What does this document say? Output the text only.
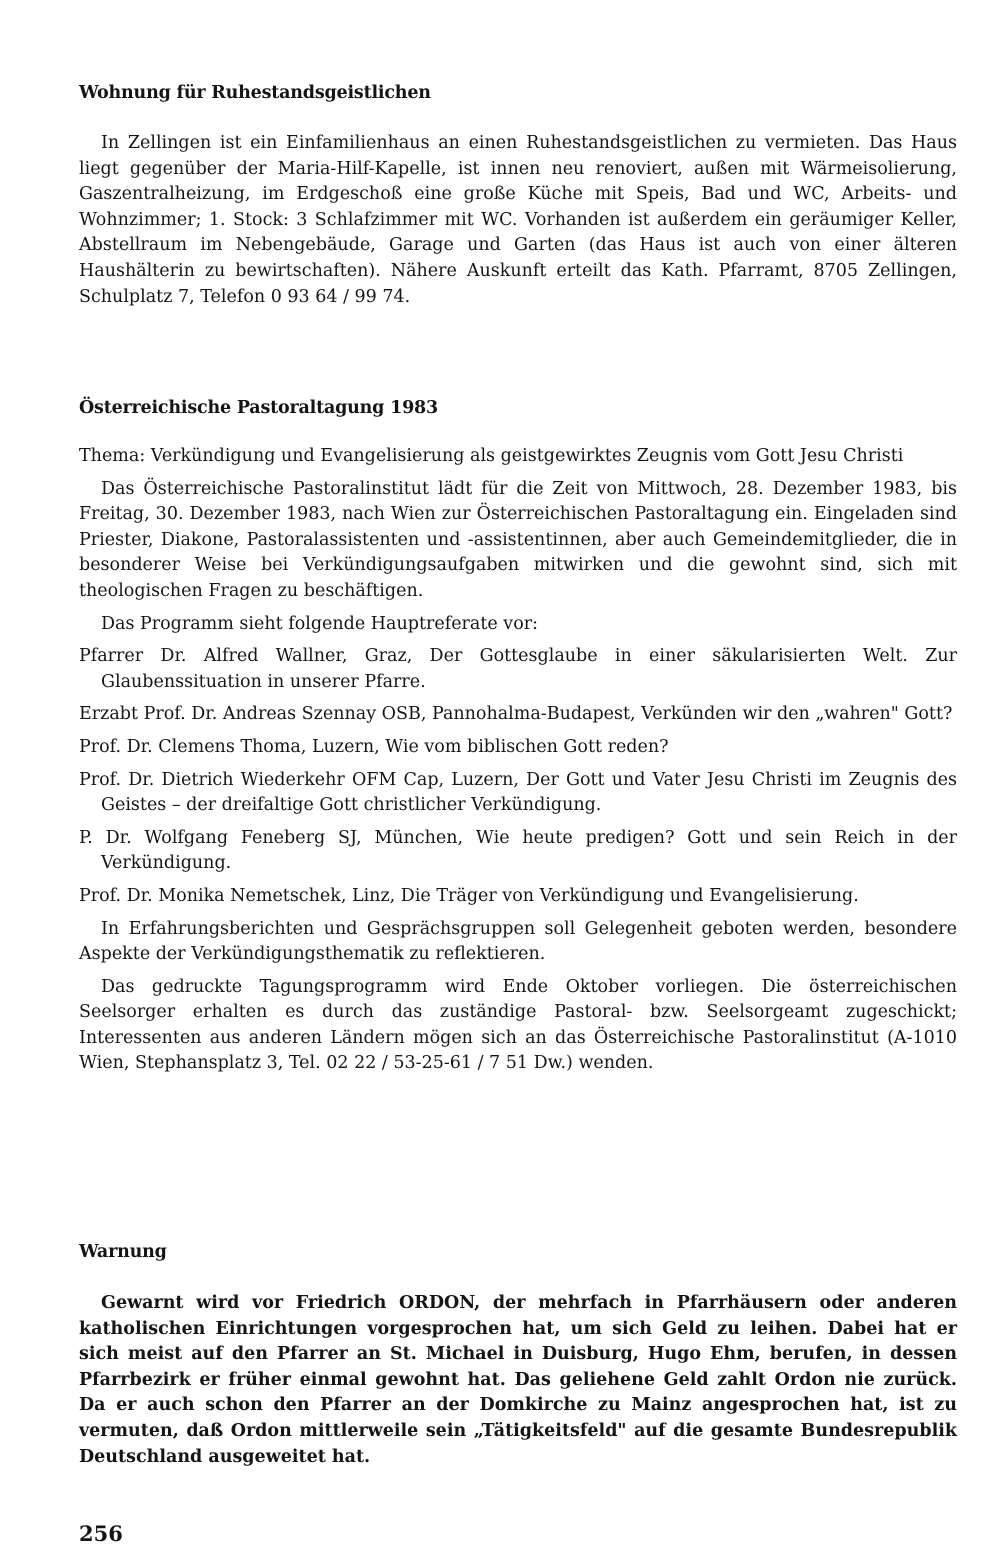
Wohnung für Ruhestandsgeistlichen

In Zellingen ist ein Einfamilienhaus an einen Ruhestandsgeistlichen zu vermieten. Das Haus liegt gegenüber der Maria-Hilf-Kapelle, ist innen neu renoviert, außen mit Wärmeisolierung, Gaszentralheizung, im Erdgeschoß eine große Küche mit Speis, Bad und WC, Arbeits- und Wohnzimmer; 1. Stock: 3 Schlafzimmer mit WC. Vorhanden ist außerdem ein geräumiger Keller, Abstellraum im Nebengebäude, Garage und Garten (das Haus ist auch von einer älteren Haushälterin zu bewirtschaften). Nähere Auskunft erteilt das Kath. Pfarramt, 8705 Zellingen, Schulplatz 7, Telefon 0 93 64 / 99 74.

Österreichische Pastoraltagung 1983

Thema: Verkündigung und Evangelisierung als geistgewirktes Zeugnis vom Gott Jesu Christi

Das Österreichische Pastoralinstitut lädt für die Zeit von Mittwoch, 28. Dezember 1983, bis Freitag, 30. Dezember 1983, nach Wien zur Österreichischen Pastoraltagung ein. Eingeladen sind Priester, Diakone, Pastoralassistenten und -assistentinnen, aber auch Gemeindemitglieder, die in besonderer Weise bei Verkündigungsaufgaben mitwirken und die gewohnt sind, sich mit theologischen Fragen zu beschäftigen.

Das Programm sieht folgende Hauptreferate vor:

Pfarrer Dr. Alfred Wallner, Graz, Der Gottesglaube in einer säkularisierten Welt. Zur Glaubenssituation in unserer Pfarre.

Erzabt Prof. Dr. Andreas Szennay OSB, Pannohalma-Budapest, Verkünden wir den „wahren" Gott?

Prof. Dr. Clemens Thoma, Luzern, Wie vom biblischen Gott reden?

Prof. Dr. Dietrich Wiederkehr OFM Cap, Luzern, Der Gott und Vater Jesu Christi im Zeugnis des Geistes – der dreifaltige Gott christlicher Verkündigung.

P. Dr. Wolfgang Feneberg SJ, München, Wie heute predigen? Gott und sein Reich in der Verkündigung.

Prof. Dr. Monika Nemetschek, Linz, Die Träger von Verkündigung und Evangelisierung.

In Erfahrungsberichten und Gesprächsgruppen soll Gelegenheit geboten werden, besondere Aspekte der Verkündigungsthematik zu reflektieren.

Das gedruckte Tagungsprogramm wird Ende Oktober vorliegen. Die österreichischen Seelsorger erhalten es durch das zuständige Pastoral- bzw. Seelsorgeamt zugeschickt; Interessenten aus anderen Ländern mögen sich an das Österreichische Pastoralinstitut (A-1010 Wien, Stephansplatz 3, Tel. 02 22 / 53-25-61 / 7 51 Dw.) wenden.

Warnung

Gewarnt wird vor Friedrich ORDON, der mehrfach in Pfarrhäusern oder anderen katholischen Einrichtungen vorgesprochen hat, um sich Geld zu leihen. Dabei hat er sich meist auf den Pfarrer an St. Michael in Duisburg, Hugo Ehm, berufen, in dessen Pfarrbezirk er früher einmal gewohnt hat. Das geliehene Geld zahlt Ordon nie zurück. Da er auch schon den Pfarrer an der Domkirche zu Mainz angesprochen hat, ist zu vermuten, daß Ordon mittlerweile sein „Tätigkeitsfeld" auf die gesamte Bundesrepublik Deutschland ausgeweitet hat.

256
